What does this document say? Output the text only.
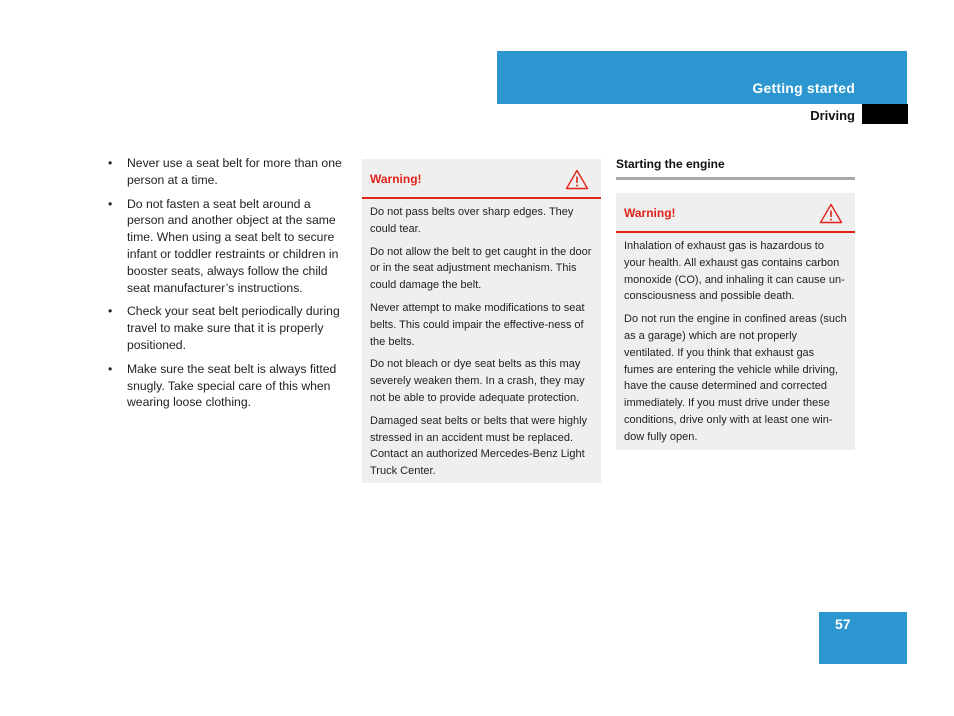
Getting started
Driving
• Never use a seat belt for more than one person at a time.
• Do not fasten a seat belt around a person and another object at the same time. When using a seat belt to secure infant or toddler restraints or children in booster seats, always follow the child seat manufacturer’s instructions.
• Check your seat belt periodically during travel to make sure that it is properly positioned.
• Make sure the seat belt is always fitted snugly. Take special care of this when wearing loose clothing.
Warning!

Do not pass belts over sharp edges. They could tear.

Do not allow the belt to get caught in the door or in the seat adjustment mechanism. This could damage the belt.

Never attempt to make modifications to seat belts. This could impair the effective-ness of the belts.

Do not bleach or dye seat belts as this may severely weaken them. In a crash, they may not be able to provide adequate protection.

Damaged seat belts or belts that were highly stressed in an accident must be replaced. Contact an authorized Mercedes-Benz Light Truck Center.

Starting the engine
Warning!

Inhalation of exhaust gas is hazardous to your health. All exhaust gas contains carbon monoxide (CO), and inhaling it can cause un-consciousness and possible death.

Do not run the engine in confined areas (such as a garage) which are not properly ventilated. If you think that exhaust gas fumes are entering the vehicle while driving, have the cause determined and corrected immediately. If you must drive under these conditions, drive only with at least one win-dow fully open.

57
